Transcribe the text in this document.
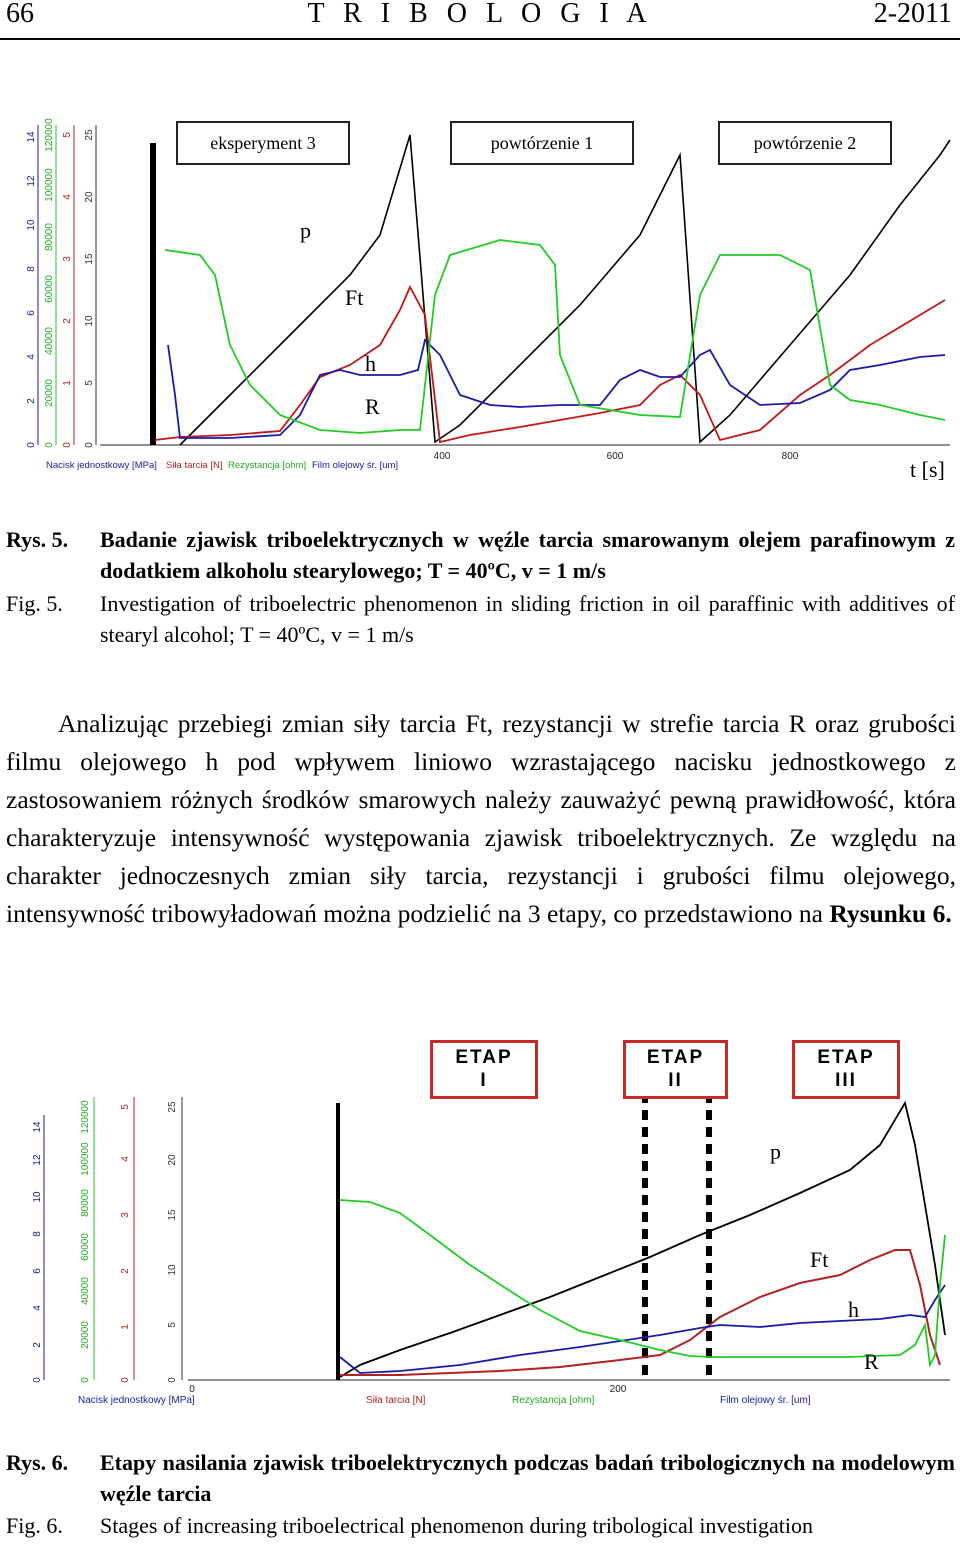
66	T R I B O L O G I A	2-2011
0
2
4
6
8
10
12
14
0
20000
40000
60000
80000
100000
120000
0
1
2
3
4
5
0
5
10
15
20
25
400	600	800
Nacisk jednostkowy [MPa] Siła tarcia [N] Rezystancja [ohm] Film olejowy śr. [um]
eksperyment 3	powtórzenie 1	powtórzenie 2
p
Ft
h
R
t [s]
Rys. 5. Badanie zjawisk triboelektrycznych w węźle tarcia smarowanym olejem parafinowym z dodatkiem alkoholu stearylowego; T = 40ºC, v = 1 m/s
Fig. 5. Investigation of triboelectric phenomenon in sliding friction in oil paraffinic with additives of stearyl alcohol; T = 40ºC, v = 1 m/s

Analizując przebiegi zmian siły tarcia Ft, rezystancji w strefie tarcia R oraz grubości filmu olejowego h pod wpływem liniowo wzrastającego nacisku jednostkowego z zastosowaniem różnych środków smarowych należy zauważyć pewną prawidłowość, która charakteryzuje intensywność występowania zjawisk triboelektrycznych. Ze względu na charakter jednoczesnych zmian siły tarcia, rezystancji i grubości filmu olejowego, intensywność tribowyładowań można podzielić na 3 etapy, co przedstawiono na Rysunku 6.

0
2
4
6
8
10
12
14
0
20000
40000
60000
80000
100000
120000
0
1
2
3
4
5
0
5
10
15
20
25
0	200
Nacisk jednostkowy [MPa]	Siła tarcia [N]	Rezystancja [ohm]	Film olejowy śr. [um]
ETAP
I
ETAP
II
ETAP
III
p
Ft
h
R
Rys. 6. Etapy nasilania zjawisk triboelektrycznych podczas badań tribologicznych na modelowym węźle tarcia
Fig. 6. Stages of increasing triboelectrical phenomenon during tribological investigation
